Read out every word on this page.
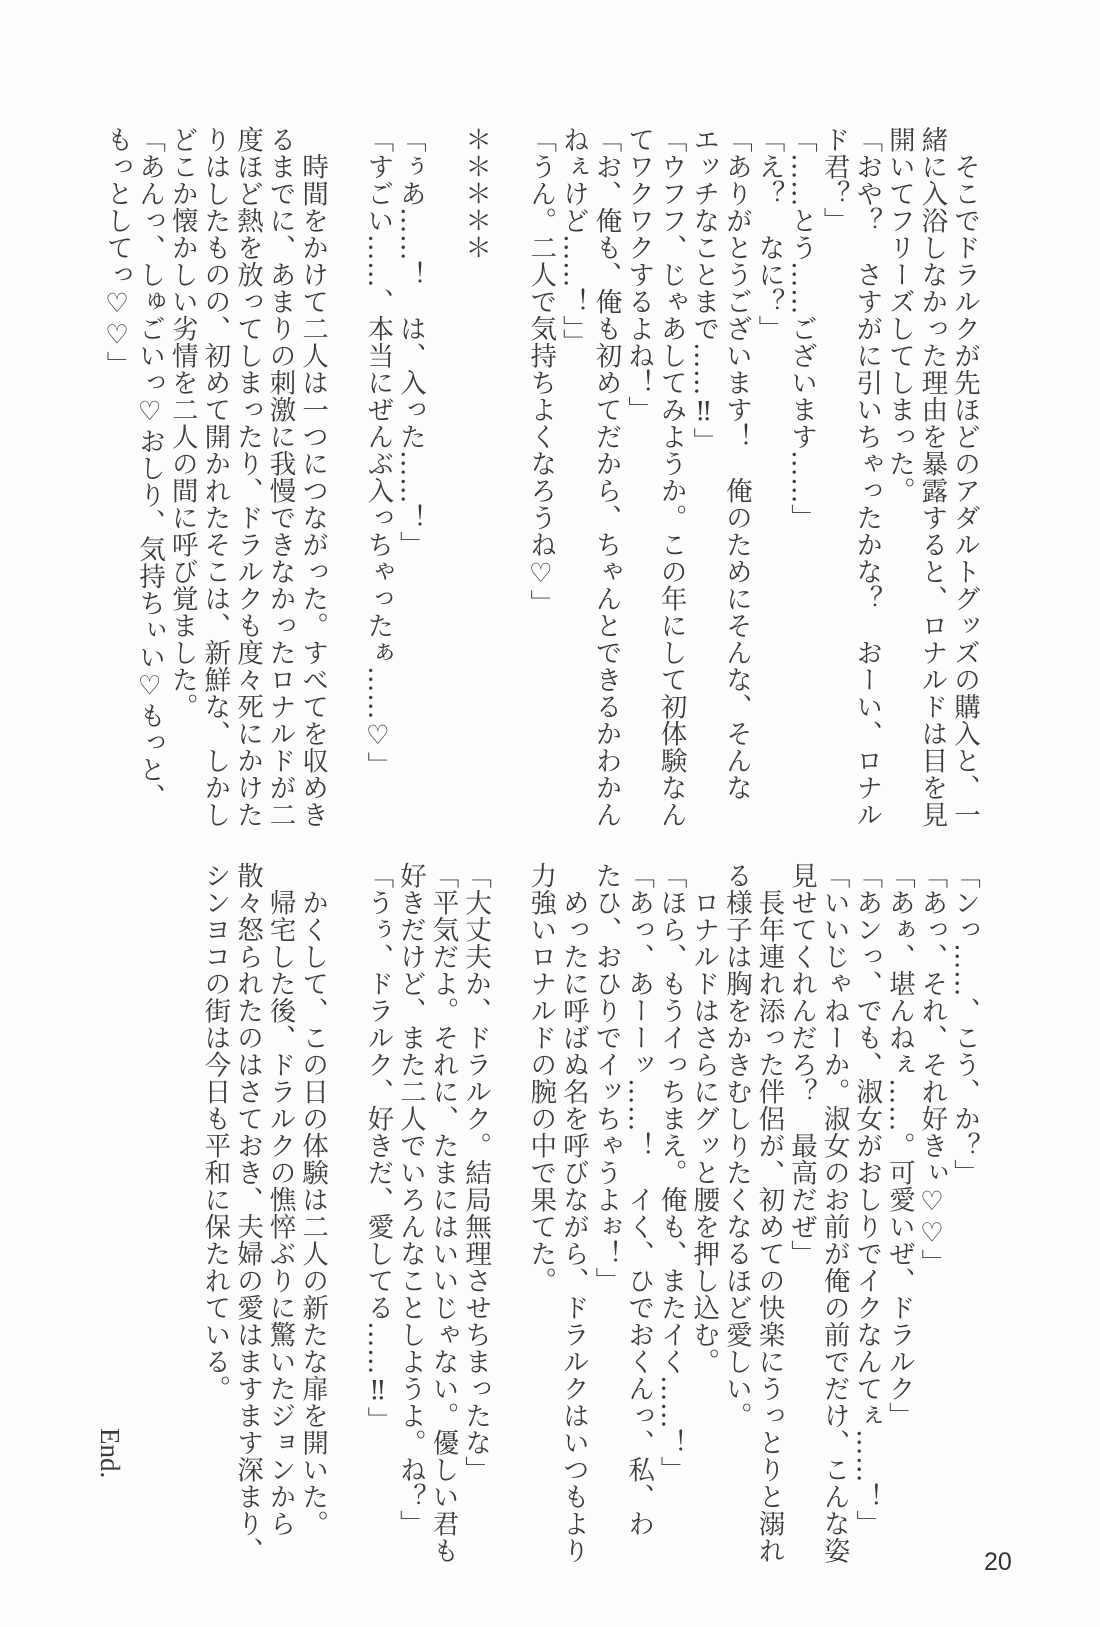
そこでドラルクが先ほどのアダルトグッズの購入と、一
緒に入浴しなかった理由を暴露すると、ロナルドは目を見
開いてフリーズしてしまった。
「おや？　さすがに引いちゃったかな？　おーい、ロナル
ド君？」
「……とう……ございます……」
「え？　なに？」
「ありがとうございます！　俺のためにそんな、そんな
エッチなことまで……‼」
「ウフフ、じゃあしてみようか。この年にして初体験なん
てワクワクするよね！」
「お、俺も、俺も初めてだから、ちゃんとできるかわかん
ねぇけど……！」」
「うん。二人で気持ちよくなろうね♡」

＊＊＊＊＊

「ぅあ……！　は、入った……！」
「すごい……、本当にぜんぶ入っちゃったぁ……♡」

時間をかけて二人は一つにつながった。すべてを収めき
るまでに、あまりの刺激に我慢できなかったロナルドが二
度ほど熱を放ってしまったり、ドラルクも度々死にかけた
りはしたものの、初めて開かれたそこは、新鮮な、しかし
どこか懐かしい劣情を二人の間に呼び覚ました。
「あんっ、しゅごいっ♡おしり、気持ちぃい♡もっと、
もっとしてっ♡♡」
「ンっ……、こう、か？」
「あっ、それ、それ好きぃ♡♡」
「あぁ、堪んねぇ……。可愛いぜ、ドラルク」
「あンっ、でも、淑女がおしりでイクなんてぇ……！」
「いいじゃねーか。淑女のお前が俺の前でだけ、こんな姿
見せてくれんだろ？　最高だぜ」
長年連れ添った伴侶が、初めての快楽にうっとりと溺れ
る様子は胸をかきむしりたくなるほど愛しい。
ロナルドはさらにグッと腰を押し込む。
「ほら、もうイっちまえ。俺も、またイく……！」
「あっ、あーーッ……！　イく、ひでおくんっ、私、わ
たひ、おひりでイッちゃうよぉ！」
めったに呼ばぬ名を呼びながら、ドラルクはいつもより
力強いロナルドの腕の中で果てた。

「大丈夫か、ドラルク。結局無理させちまったな」
「平気だよ。それに、たまにはいいじゃない。優しい君も
好きだけど、また二人でいろんなことしようよ。ね？」
「うぅ、ドラルク、好きだ、愛してる……‼」

かくして、この日の体験は二人の新たな扉を開いた。
帰宅した後、ドラルクの憔悴ぶりに驚いたジョンから
散々怒られたのはさておき、夫婦の愛はますます深まり、
シンヨコの街は今日も平和に保たれている。
End.
20
